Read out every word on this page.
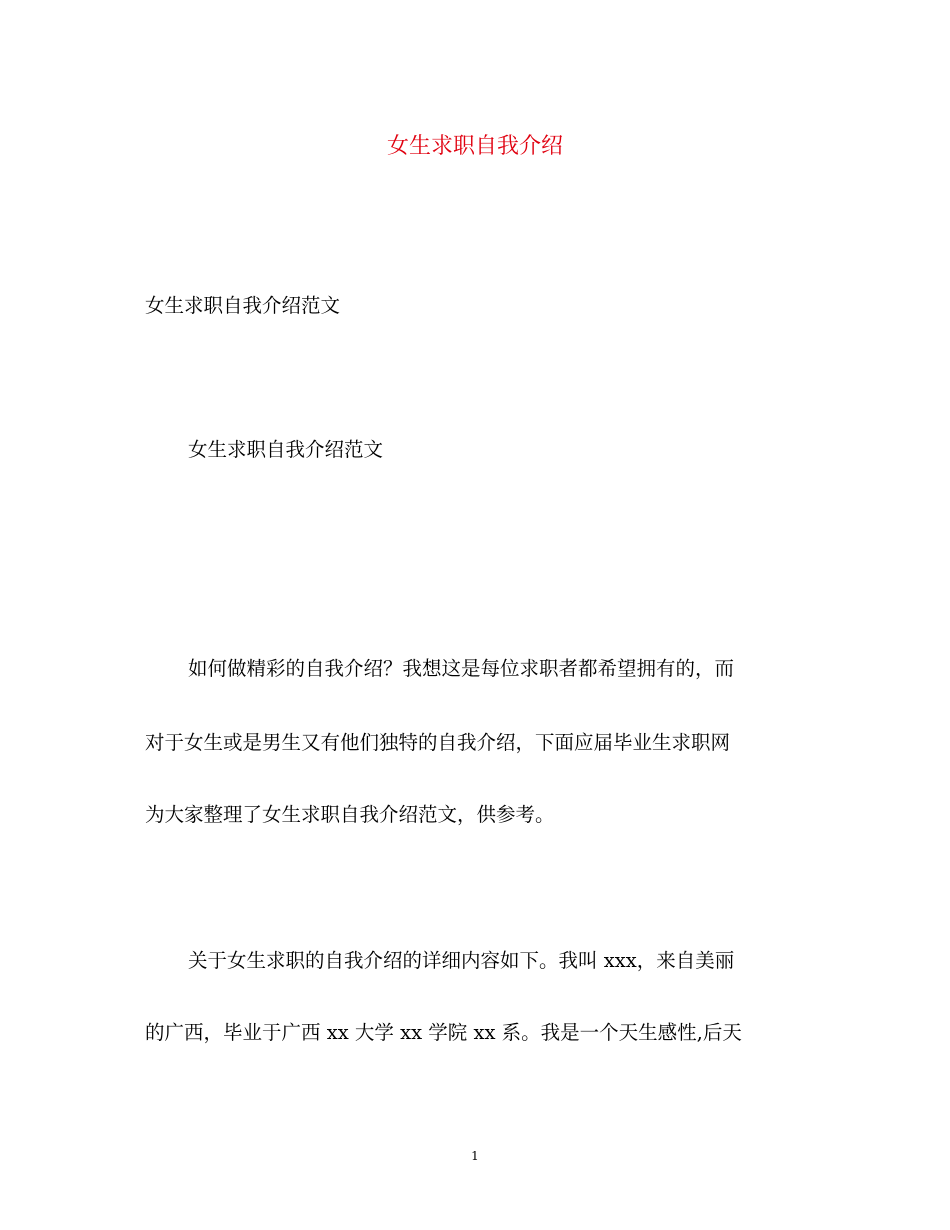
女生求职自我介绍
女生求职自我介绍范文
女生求职自我介绍范文
如何做精彩的自我介绍？我想这是每位求职者都希望拥有的，而
对于女生或是男生又有他们独特的自我介绍，下面应届毕业生求职网
为大家整理了女生求职自我介绍范文，供参考。
关于女生求职的自我介绍的详细内容如下。我叫 xxx，来自美丽
的广西，毕业于广西 xx 大学 xx 学院 xx 系。我是一个天生感性,后天
1
